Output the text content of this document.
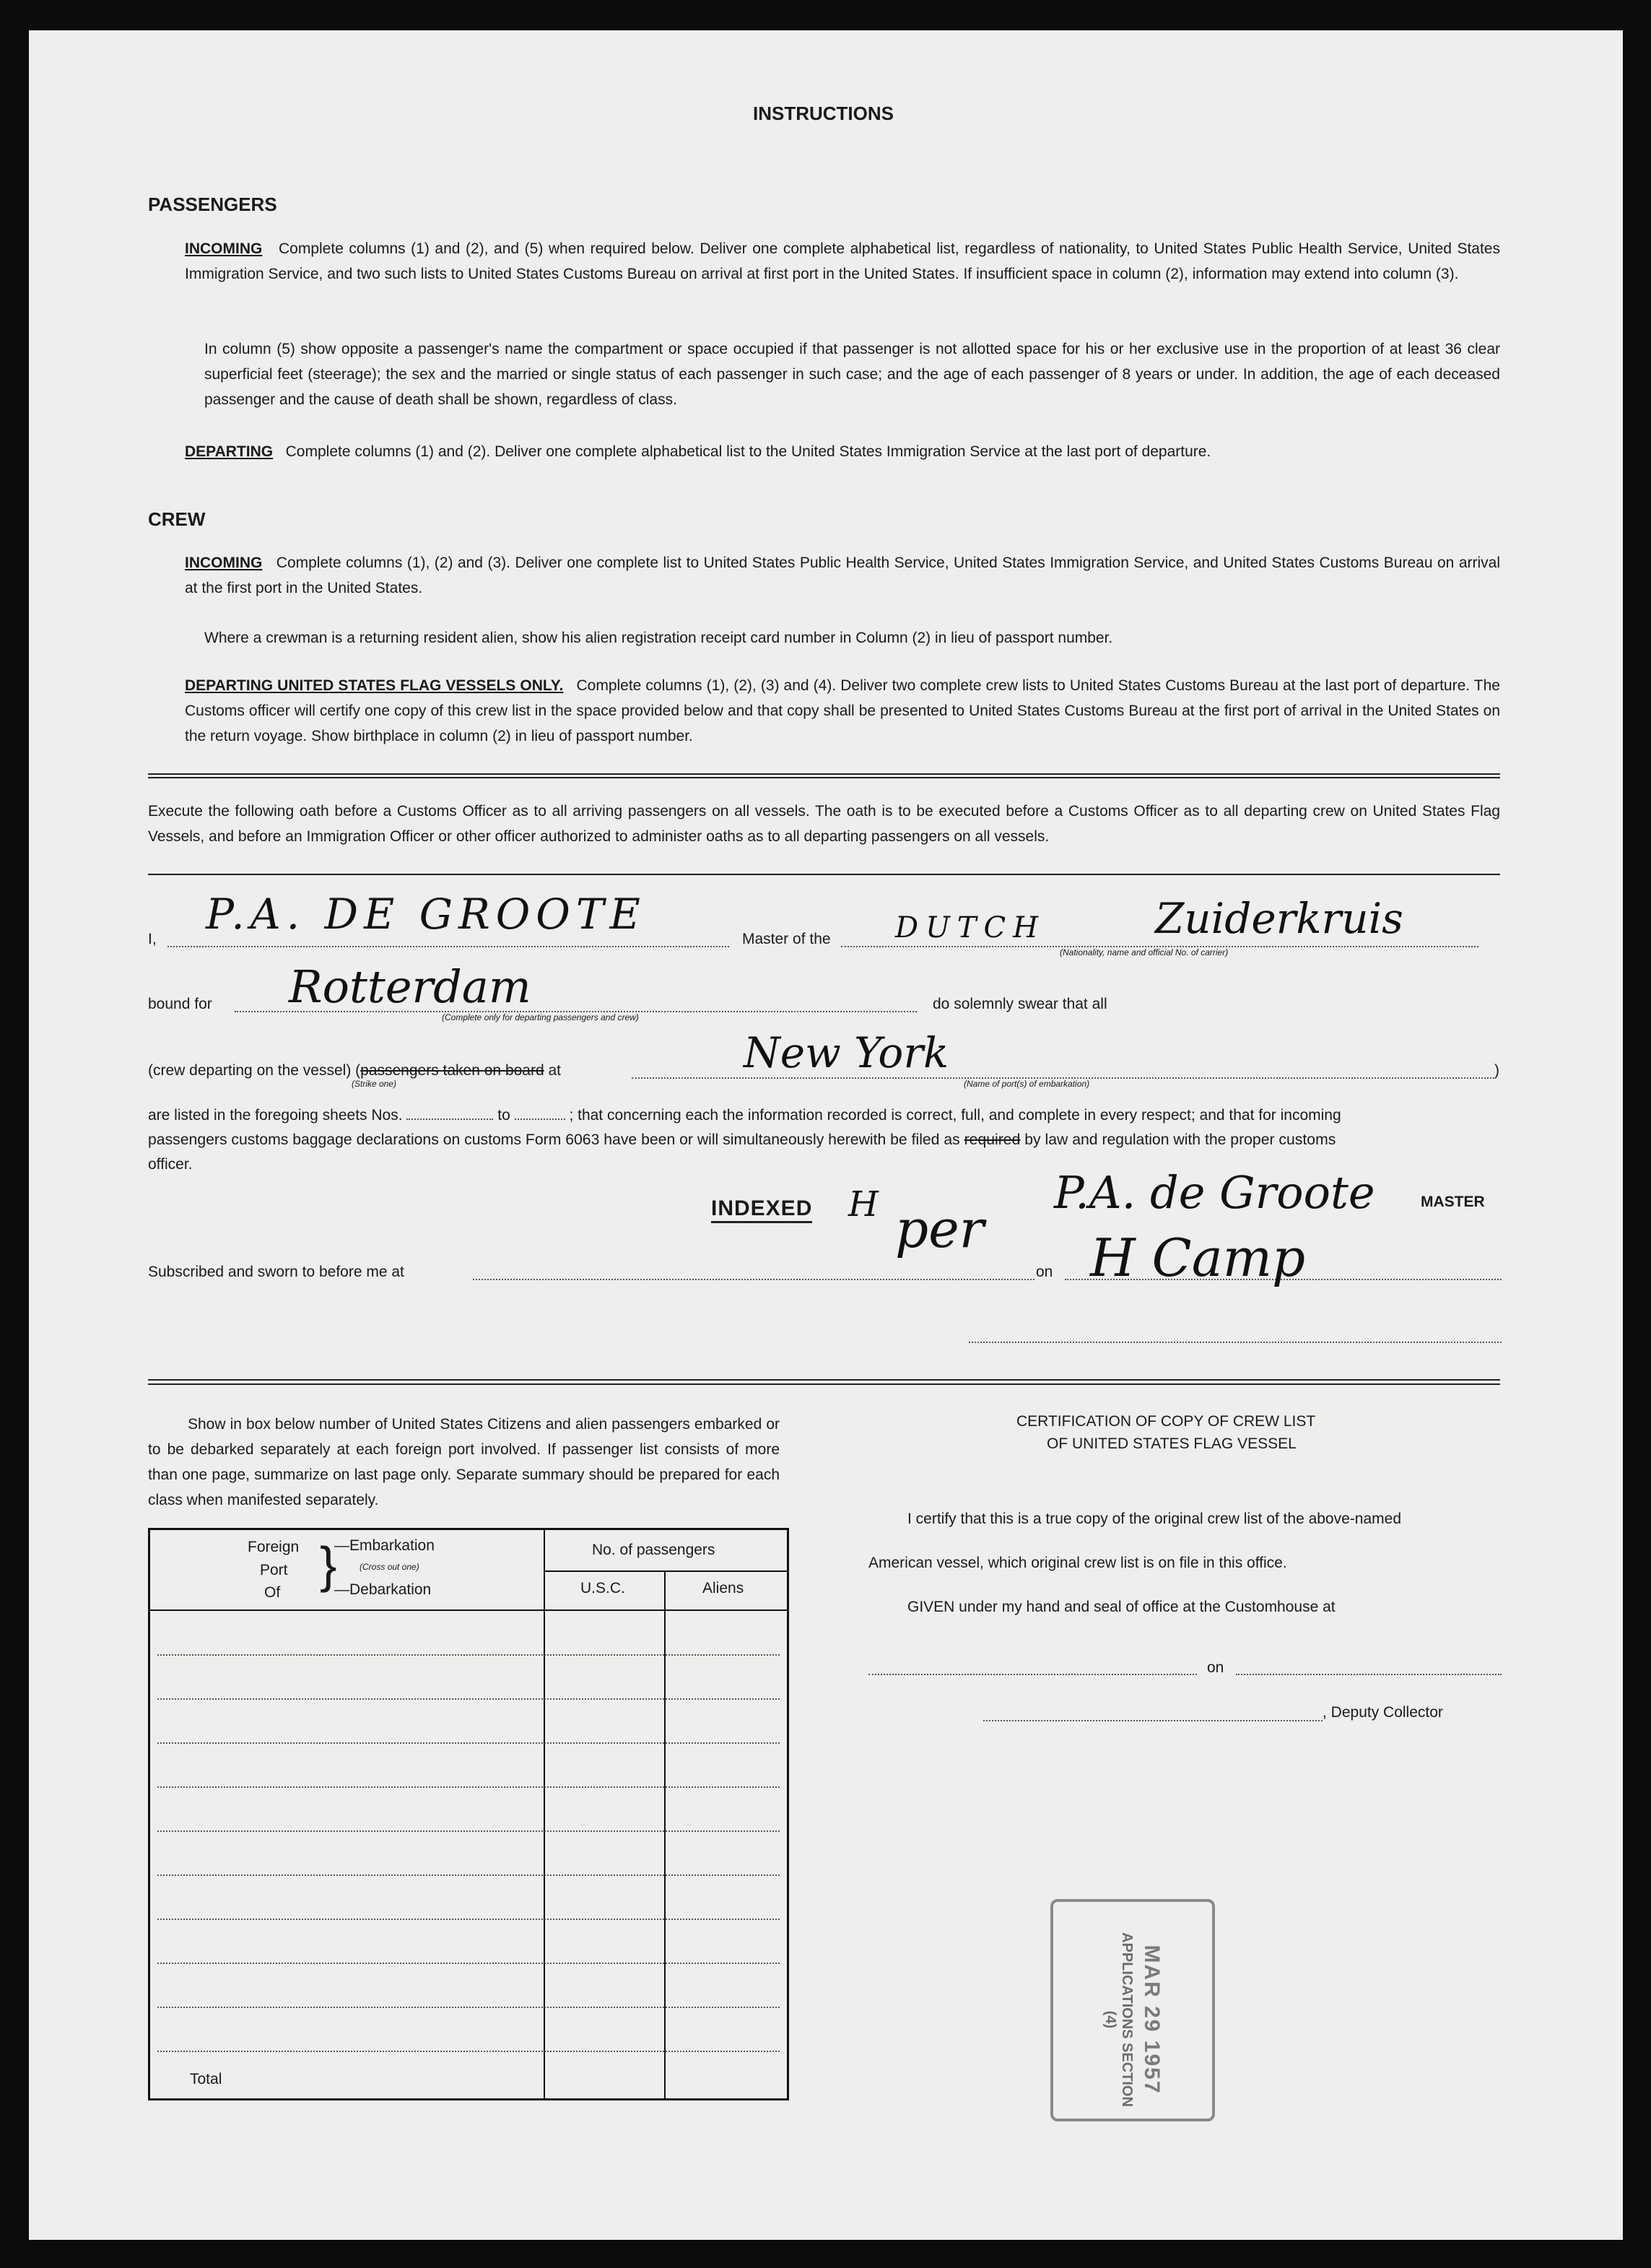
INSTRUCTIONS
PASSENGERS
INCOMING Complete columns (1) and (2), and (5) when required below. Deliver one complete alphabetical list, regardless of nationality, to United States Public Health Service, United States Immigration Service, and two such lists to United States Customs Bureau on arrival at first port in the United States. If insufficient space in column (2), information may extend into column (3).
In column (5) show opposite a passenger's name the compartment or space occupied if that passenger is not allotted space for his or her exclusive use in the proportion of at least 36 clear superficial feet (steerage); the sex and the married or single status of each passenger in such case; and the age of each passenger of 8 years or under. In addition, the age of each deceased passenger and the cause of death shall be shown, regardless of class.
DEPARTING Complete columns (1) and (2). Deliver one complete alphabetical list to the United States Immigration Service at the last port of departure.
CREW
INCOMING Complete columns (1), (2) and (3). Deliver one complete list to United States Public Health Service, United States Immigration Service, and United States Customs Bureau on arrival at the first port in the United States.
Where a crewman is a returning resident alien, show his alien registration receipt card number in Column (2) in lieu of passport number.
DEPARTING UNITED STATES FLAG VESSELS ONLY. Complete columns (1), (2), (3) and (4). Deliver two complete crew lists to United States Customs Bureau at the last port of departure. The Customs officer will certify one copy of this crew list in the space provided below and that copy shall be presented to United States Customs Bureau at the first port of arrival in the United States on the return voyage. Show birthplace in column (2) in lieu of passport number.
Execute the following oath before a Customs Officer as to all arriving passengers on all vessels. The oath is to be executed before a Customs Officer as to all departing crew on United States Flag Vessels, and before an Immigration Officer or other officer authorized to administer oaths as to all departing passengers on all vessels.
I,
P.A. DE GROOTE
Master of the DUTCH	Zuiderkruis
(Nationality, name and official No. of carrier)
bound for Rotterdam
(Complete only for departing passengers and crew)
do solemnly swear that all
(crew departing on the vessel) (passengers taken on board at
(Strike one)
New York
(Name of port(s) of embarkation)
)
are listed in the foregoing sheets Nos.	to	; that concerning each the information recorded is correct, full, and complete in every respect; and that for incoming
passengers customs baggage declarations on customs Form 6063 have been or will simultaneously herewith be filed as required by law and regulation with the proper customs
officer.
INDEXED H	P.A. de Groote
per	MASTER
Subscribed and sworn to before me at	on H Camp
Show in box below number of United States Citizens and alien passengers embarked or to be debarked separately at each foreign port involved. If passenger list consists of more than one page, summarize on last page only. Separate summary should be prepared for each class when manifested separately.
Foreign
Port
Of }
—Embarkation
(Cross out one)
—Debarkation
No. of passengers
U.S.C.	Aliens
Total
CERTIFICATION OF COPY OF CREW LIST
OF UNITED STATES FLAG VESSEL
I certify that this is a true copy of the original crew list of the above-named
American vessel, which original crew list is on file in this office.
GIVEN under my hand and seal of office at the Customhouse at
on
, Deputy Collector
MAR 29 1957
APPLICATIONS SECTION
(4)
